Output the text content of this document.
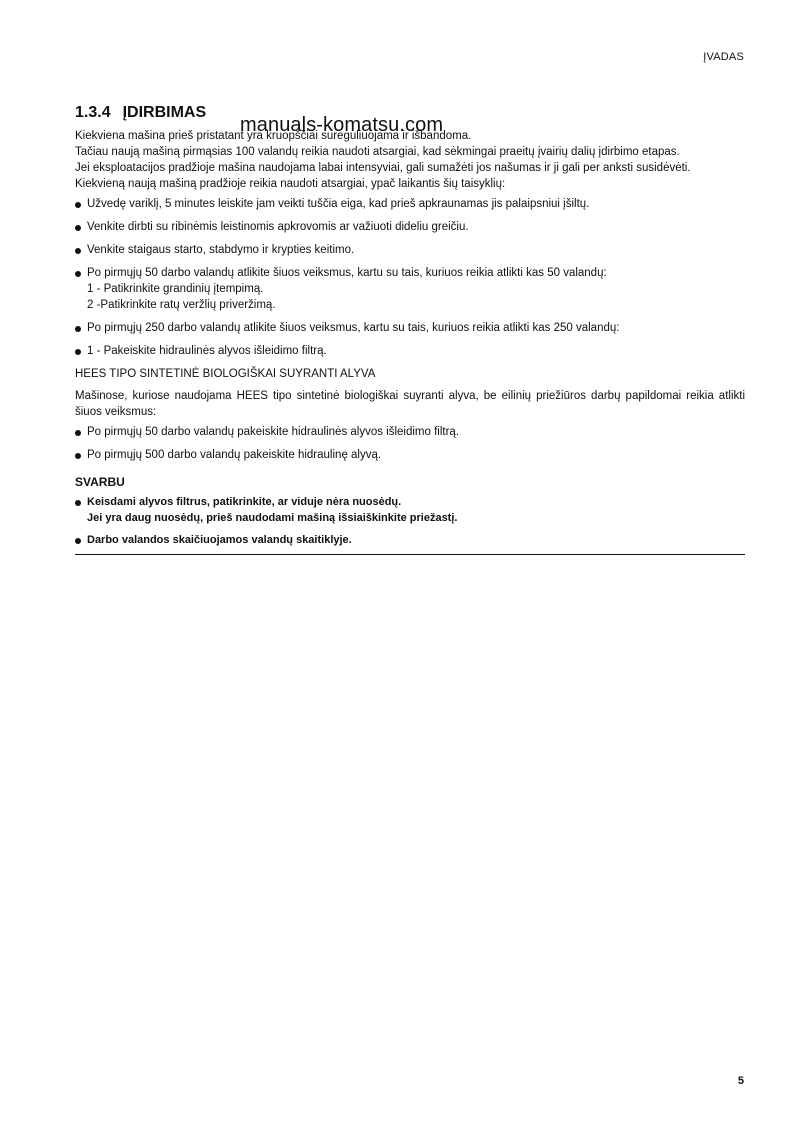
ĮVADAS
manuals-komatsu.com
1.3.4 ĮDIRBIMAS

Kiekviena mašina prieš pristatant yra kruopščiai sureguliuojama ir išbandoma.

Tačiau naują mašiną pirmąsias 100 valandų reikia naudoti atsargiai, kad sėkmingai praeitų įvairių dalių įdirbimo etapas.

Jei eksploatacijos pradžioje mašina naudojama labai intensyviai, gali sumažėti jos našumas ir ji gali per anksti susidėvėti.

Kiekvieną naują mašiną pradžioje reikia naudoti atsargiai, ypač laikantis šių taisyklių:

Užvedę variklį, 5 minutes leiskite jam veikti tuščia eiga, kad prieš apkraunamas jis palaipsniui įšiltų.
Venkite dirbti su ribinėmis leistinomis apkrovomis ar važiuoti dideliu greičiu.
Venkite staigaus starto, stabdymo ir krypties keitimo.
Po pirmųjų 50 darbo valandų atlikite šiuos veiksmus, kartu su tais, kuriuos reikia atlikti kas 50 valandų:
1 - Patikrinkite grandinių įtempimą.
2 -Patikrinkite ratų veržlių priveržimą.
Po pirmųjų 250 darbo valandų atlikite šiuos veiksmus, kartu su tais, kuriuos reikia atlikti kas 250 valandų:
1 - Pakeiskite hidraulinės alyvos išleidimo filtrą.
HEES TIPO SINTETINĖ BIOLOGIŠKAI SUYRANTI ALYVA

Mašinose, kuriose naudojama HEES tipo sintetinė biologiškai suyranti alyva, be eilinių priežiūros darbų papildomai reikia atlikti šiuos veiksmus:

Po pirmųjų 50 darbo valandų pakeiskite hidraulinės alyvos išleidimo filtrą.
Po pirmųjų 500 darbo valandų pakeiskite hidraulinę alyvą.
SVARBU
Keisdami alyvos filtrus, patikrinkite, ar viduje nėra nuosėdų.
Jei yra daug nuosėdų, prieš naudodami mašiną išsiaiškinkite priežastį.
Darbo valandos skaičiuojamos valandų skaitiklyje.
5
